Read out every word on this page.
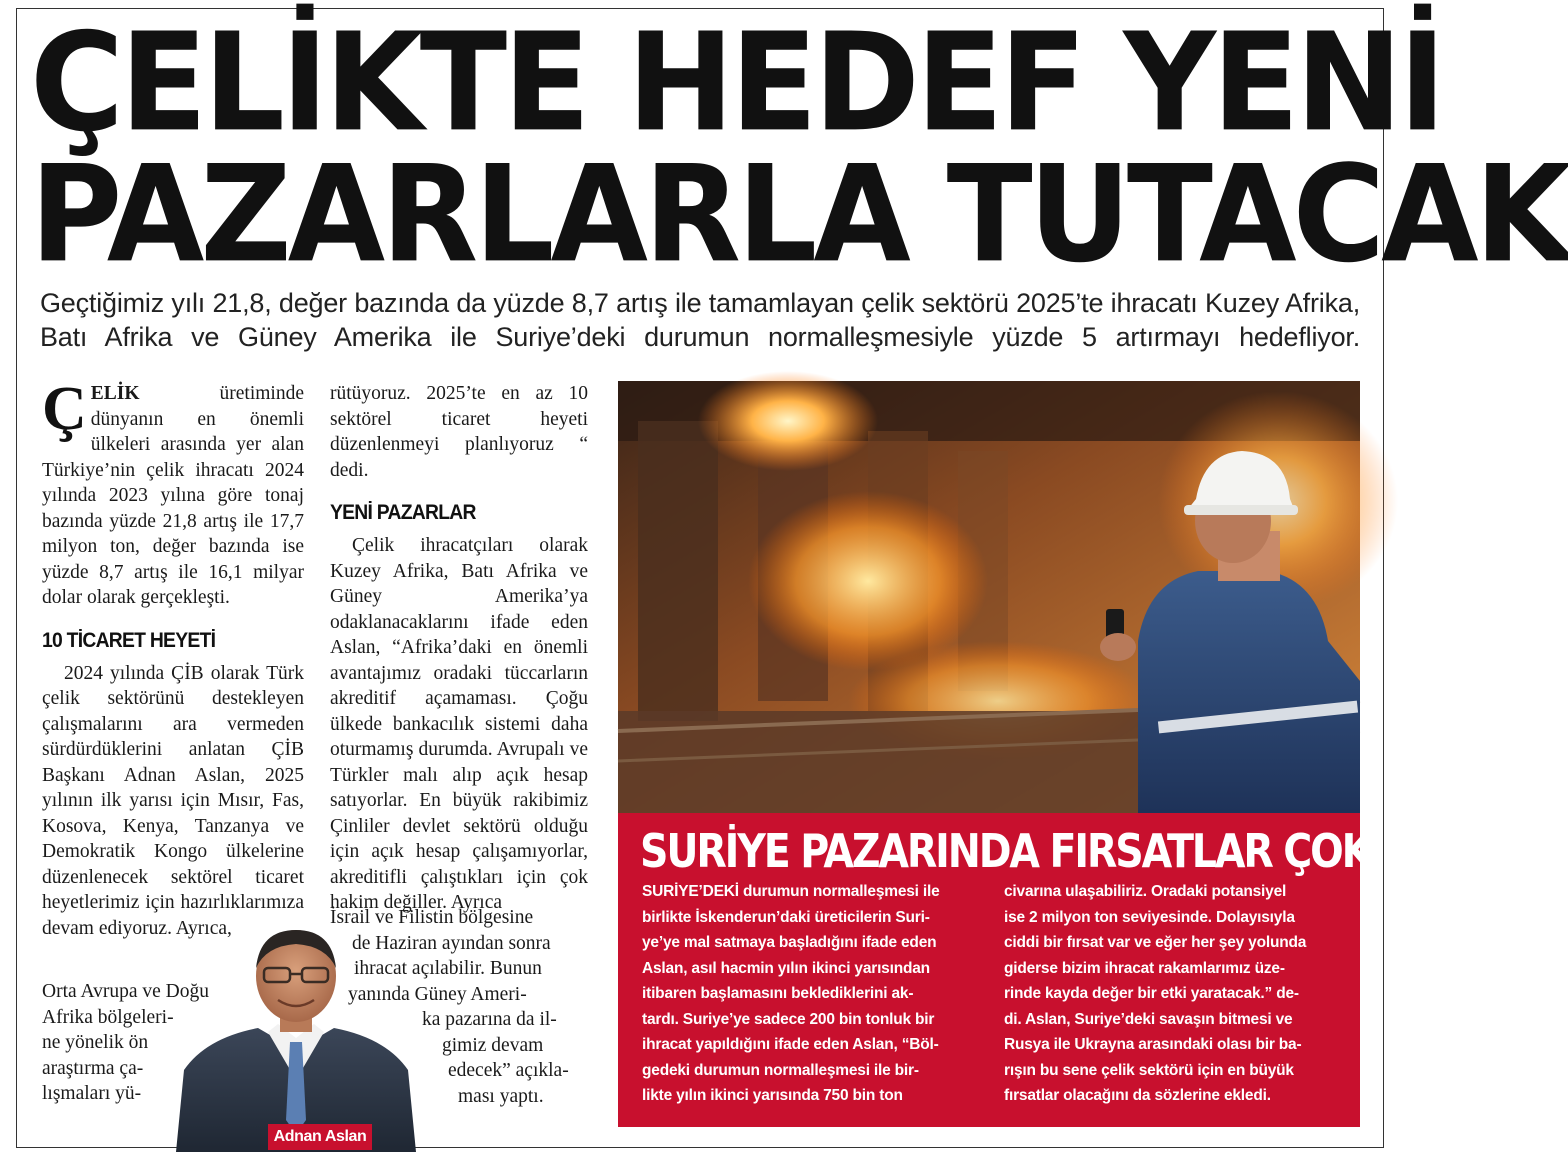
ÇELİKTE HEDEF YENİ
PAZARLARLA TUTACAK
Geçtiğimiz yılı 21,8, değer bazında da yüzde 8,7 artış ile tamamlayan çelik sektörü 2025’te ihracatı Kuzey Afrika, Batı Afrika ve Güney Amerika ile Suriye’deki durumun normalleşmesiyle yüzde 5 artırmayı hedefliyor.

ÇELİK üretiminde dünyanın en önemli ülkeleri arasında yer alan Türkiye’nin çelik ihracatı 2024 yılında 2023 yılına göre tonaj bazında yüzde 21,8 artış ile 17,7 milyon ton, değer bazında ise yüzde 8,7 artış ile 16,1 milyar dolar olarak gerçekleşti.

10 TİCARET HEYETİ

2024 yılında ÇİB olarak Türk çelik sektörünü destekleyen çalışmalarını ara vermeden sürdürdüklerini anlatan ÇİB Başkanı Adnan Aslan, 2025 yılının ilk yarısı için Mısır, Fas, Kosova, Kenya, Tanzanya ve Demokratik Kongo ülkelerine düzenlenecek sektörel ticaret heyetlerimiz için hazırlıklarımıza devam ediyoruz. Ayrıca,

Orta Avrupa ve Doğu
Afrika bölgeleri-
ne yönelik ön
araştırma ça-
lışmaları yü-

rütüyoruz. 2025’te en az 10 sektörel ticaret heyeti düzenlenmeyi planlıyoruz “ dedi.

YENİ PAZARLAR

Çelik ihracatçıları olarak Kuzey Afrika, Batı Afrika ve Güney Amerika’ya odaklanacaklarını ifade eden Aslan, “Afrika’daki en önemli avantajımız oradaki tüccarların akreditif açamaması. Çoğu ülkede bankacılık sistemi daha oturmamış durumda. Avrupalı ve Türkler malı alıp açık hesap satıyorlar. En büyük rakibimiz Çinliler devlet sektörü olduğu için açık hesap çalışamıyorlar, akreditifli çalıştıkları için çok hakim değiller. Ayrıca

İsrail ve Filistin bölgesine
de Haziran ayından sonra
ihracat açılabilir. Bunun
yanında Güney Ameri-
ka pazarına da il-
gimiz devam
edecek” açıkla-
ması yaptı.
Adnan Aslan
SURİYE PAZARINDA FIRSATLAR ÇOK
SURİYE’DEKİ durumun normalleşmesi ile
birlikte İskenderun’daki üreticilerin Suri-
ye’ye mal satmaya başladığını ifade eden
Aslan, asıl hacmin yılın ikinci yarısından
itibaren başlamasını beklediklerini ak-
tardı. Suriye’ye sadece 200 bin tonluk bir
ihracat yapıldığını ifade eden Aslan, “Böl-
gedeki durumun normalleşmesi ile bir-
likte yılın ikinci yarısında 750 bin ton
civarına ulaşabiliriz. Oradaki potansiyel
ise 2 milyon ton seviyesinde. Dolayısıyla
ciddi bir fırsat var ve eğer her şey yolunda
giderse bizim ihracat rakamlarımız üze-
rinde kayda değer bir etki yaratacak.” de-
di. Aslan, Suriye’deki savaşın bitmesi ve
Rusya ile Ukrayna arasındaki olası bir ba-
rışın bu sene çelik sektörü için en büyük
fırsatlar olacağını da sözlerine ekledi.
